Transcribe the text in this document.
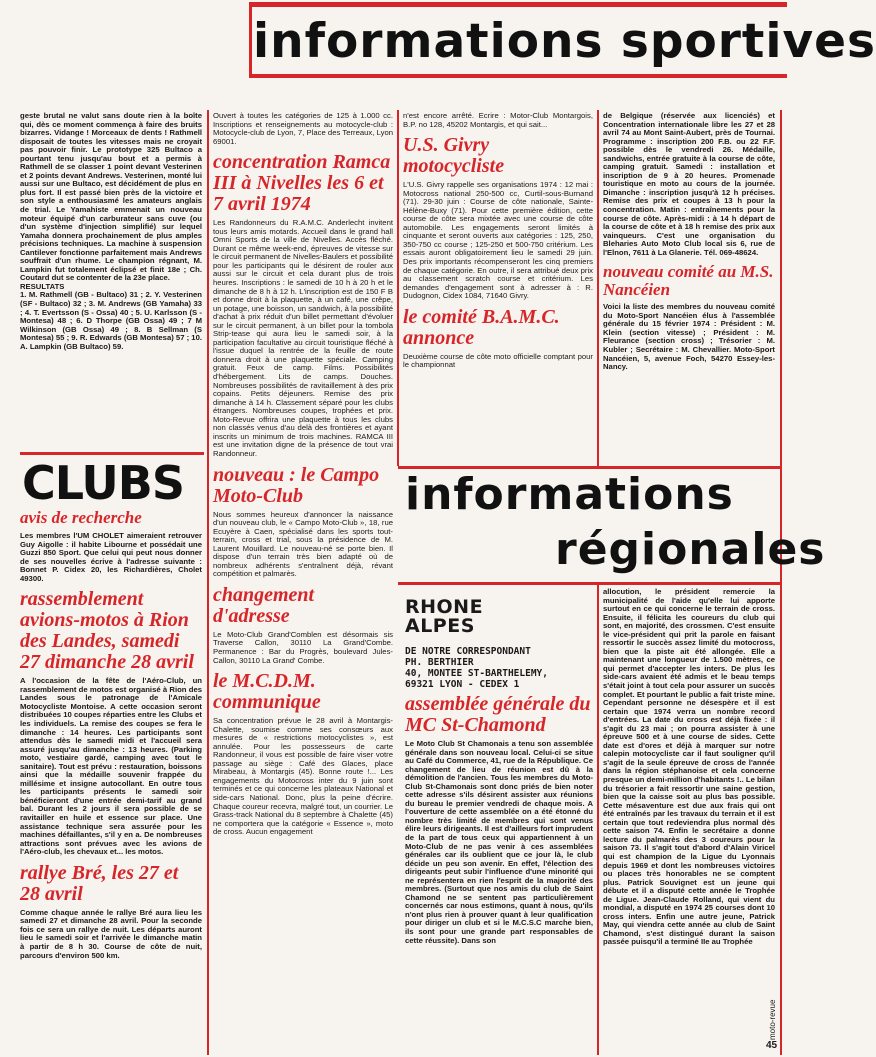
informations sportives

geste brutal ne valut sans doute rien à la boîte qui, dès ce moment commença à faire des bruits bizarres. Vidange ! Morceaux de dents ! Rathmell disposait de toutes les vitesses mais ne croyait pas pouvoir finir. Le prototype 325 Bultaco a pourtant tenu jusqu'au bout et a permis à Rathmell de se classer 1 point devant Vesterinen et 2 points devant Andrews. Vesterinen, monté lui aussi sur une Bultaco, est décidément de plus en plus fort. Il est passé bien près de la victoire et son style a enthousiasmé les amateurs anglais de trial. Le Yamahiste emmenait un nouveau moteur équipé d'un carburateur sans cuve (ou d'un système d'injection simplifié) sur lequel Yamaha donnera prochainement de plus amples précisions techniques. La machine à suspension Cantilever fonctionne parfaitement mais Andrews souffrait d'un rhume. Le champion régnant, M. Lampkin fut totalement éclipsé et finit 18e ; Ch. Coutard dut se contenter de la 23e place.

RESULTATS

1. M. Rathmell (GB - Bultaco) 31 ; 2. Y. Vesterinen (SF - Bultaco) 32 ; 3. M. Andrews (GB Yamaha) 33 ; 4. T. Evertsson (S - Ossa) 40 ; 5. U. Karlsson (S - Montesa) 48 ; 6. D Thorpe (GB Ossa) 49 ; 7 M Wilkinson (GB Ossa) 49 ; 8. B Sellman (S Montesa) 55 ; 9. R. Edwards (GB Montesa) 57 ; 10. A. Lampkin (GB Bultaco) 59.

CLUBS
avis de recherche

Les membres l'UM CHOLET aimeraient retrouver Guy Aigolle : il habite Libourne et possédait une Guzzi 850 Sport. Que celui qui peut nous donner de ses nouvelles écrive à l'adresse suivante : Bonnet P. Cidex 20, les Richardières, Cholet 49300.

rassemblement avions-motos à Rion des Landes, samedi 27 dimanche 28 avril

A l'occasion de la fête de l'Aéro-Club, un rassemblement de motos est organisé à Rion des Landes sous le patronage de l'Amicale Motocycliste Montoise. A cette occasion seront distribuées 10 coupes réparties entre les Clubs et les individuels. La remise des coupes se fera le dimanche : 14 heures. Les participants sont attendus dès le samedi midi et l'accueil sera assuré jusqu'au dimanche : 13 heures. (Parking moto, vestiaire gardé, camping avec tout le sanitaire). Tout est prévu : restauration, boissons ainsi que la médaille souvenir frappée du millésime et insigne autocollant. En outre tous les participants présents le samedi soir bénéficieront d'une entrée demi-tarif au grand bal. Durant les 2 jours il sera possible de se ravitailler en huile et essence sur place. Une assistance technique sera assurée pour les machines défaillantes, s'il y en a. De nombreuses attractions sont prévues avec les avions de l'Aéro-club, les chevaux et... les motos.

rallye Bré, les 27 et 28 avril

Comme chaque année le rallye Bré aura lieu les samedi 27 et dimanche 28 avril. Pour la seconde fois ce sera un rallye de nuit. Les départs auront lieu le samedi soir et l'arrivée le dimanche matin à partir de 8 h 30. Course de côte de nuit, parcours d'environ 500 km.

Ouvert à toutes les catégories de 125 à 1.000 cc. Inscriptions et renseignements au motocycle-club : Motocycle-club de Lyon, 7, Place des Terreaux, Lyon 69001.

concentration Ramca III à Nivelles les 6 et 7 avril 1974

Les Randonneurs du R.A.M.C. Anderlecht invitent tous leurs amis motards. Accueil dans le grand hall Omni Sports de la ville de Nivelles. Accès fléché. Durant ce même week-end, épreuves de vitesse sur le circuit permanent de Nivelles-Baulers et possibilité pour les participants qui le désirent de rouler aux aussi sur le circuit et cela durant plus de trois heures. Inscriptions : le samedi de 10 h à 20 h et le dimanche de 8 h à 12 h. L'inscription est de 150 F B et donne droit à la plaquette, à un café, une crêpe, un potage, une boisson, un sandwich, à la possibilité d'achat à prix réduit d'un billet permettant d'évoluer sur le circuit permanent, à un billet pour la tombola Strip-tease qui aura lieu le samedi soir, à la participation facultative au circuit touristique fléché à l'issue duquel la rentrée de la feuille de route donnera droit à une plaquette spéciale. Camping gratuit. Feux de camp. Films. Possibilités d'hébergement. Lits de camps. Douches. Nombreuses possibilités de ravitaillement à des prix copains. Petits déjeuners. Remise des prix dimanche à 14 h. Classement séparé pour les clubs étrangers. Nombreuses coupes, trophées et prix. Moto-Revue offrira une plaquette à tous les clubs non classés venus d'au delà des frontières et ayant inscrits un minimum de trois machines. RAMCA III est une invitation digne de la présence de tout vrai Randonneur.

nouveau : le Campo Moto-Club

Nous sommes heureux d'annoncer la naissance d'un nouveau club, le « Campo Moto-Club », 18, rue Ecuyère à Caen, spécialisé dans les sports tout-terrain, cross et trial, sous la présidence de M. Laurent Mouillard. Le nouveau-né se porte bien. Il dispose d'un terrain très bien adapté où de nombreux adhérents s'entraînent déjà, révant compétition et palmarès.

changement d'adresse

Le Moto-Club Grand'Comblen est désormais sis Traverse Callon, 30110 La Grand'Combe. Permanence : Bar du Progrès, boulevard Jules-Callon, 30110 La Grand' Combe.

le M.C.D.M. communique

Sa concentration prévue le 28 avril à Montargis-Chalette, soumise comme ses consœurs aux mesures de « restrictions motocyclistes », est annulée. Pour les possesseurs de carte Randonneur, il vous est possible de faire viser votre passage au siège : Café des Glaces, place Mirabeau, à Montargis (45). Bonne route !... Les engagements du Motocross inter du 9 juin sont terminés et ce qui concerne les plateaux National et side-cars National. Donc, plus la peine d'écrire. Chaque coureur recevra, malgré tout, un courrier. Le Grass-track National du 8 septembre à Chalette (45) ne comportera que la catégorie « Essence », moto de cross. Aucun engagement

n'est encore arrêté. Ecrire : Motor-Club Montargois, B.P. no 128, 45202 Montargis, et qui sait...

U.S. Givry motocycliste

L'U.S. Givry rappelle ses organisations 1974 : 12 mai : Motocross national 250-500 cc, Curtil-sous-Burnand (71). 29-30 juin : Course de côte nationale, Sainte-Hélène-Buxy (71). Pour cette première édition, cette course de côte sera mixtée avec une course de côte automobile. Les engagements seront limités à cinquante et seront ouverts aux catégories : 125, 250, 350-750 cc course ; 125-250 et 500-750 critérium. Les essais auront obligatoirement lieu le samedi 29 juin. Des prix importants récompenseront les cinq premiers de chaque catégorie. En outre, il sera attribué deux prix au classement scratch course et critérium. Les demandes d'engagement sont à adresser à : R. Dudognon, Cidex 1084, 71640 Givry.

le comité B.A.M.C. annonce

Deuxième course de côte moto officielle comptant pour le championnat

de Belgique (réservée aux licenciés) et Concentration internationale libre les 27 et 28 avril 74 au Mont Saint-Aubert, près de Tournai. Programme : inscription 200 F.B. ou 22 F.F. possible dès le vendredi 26. Médaille, sandwichs, entrée gratuite à la course de côte, camping gratuit. Samedi : installation et inscription de 9 à 20 heures. Promenade touristique en moto au cours de la journée. Dimanche : inscription jusqu'à 12 h précises. Remise des prix et coupes à 13 h pour la concentration. Matin : entraînements pour la course de côte. Après-midi : à 14 h départ de la course de côte et à 18 h remise des prix aux vainqueurs. C'est une organisation du Bleharies Auto Moto Club local sis 6, rue de l'Elnon, 7611 à La Glanerie. Tél. 069-48624.

nouveau comité au M.S. Nancéien

Voici la liste des membres du nouveau comité du Moto-Sport Nancéien élus à l'assemblée générale du 15 février 1974 : Président : M. Klein (section vitesse) ; Président : M. Fleurance (section cross) ; Trésorier : M. Kubler ; Secrétaire : M. Chevallier. Moto-Sport Nancéien, 5, avenue Foch, 54270 Essey-les-Nancy.

informations
régionales
RHONE
ALPES
DE NOTRE CORRESPONDANT
PH. BERTHIER
40, MONTEE ST-BARTHELEMY,
69321 LYON - CEDEX 1
assemblée générale du MC St-Chamond

Le Moto Club St Chamonais a tenu son assemblée générale dans son nouveau local. Celui-ci se situe au Café du Commerce, 41, rue de la République. Ce changement de lieu de réunion est dû à la démolition de l'ancien. Tous les membres du Moto-Club St-Chamonais sont donc priés de bien noter cette adresse s'ils désirent assister aux réunions du bureau le premier vendredi de chaque mois. A l'ouverture de cette assemblée on a été étonné du nombre très limité de membres qui sont venus élire leurs dirigeants. Il est d'ailleurs fort imprudent de la part de tous ceux qui appartiennent à un Moto-Club de ne pas venir à ces assemblées générales car ils oublient que ce jour là, le club décide un peu son avenir. En effet, l'élection des dirigeants peut subir l'influence d'une minorité qui ne représentera en rien l'esprit de la majorité des membres. (Surtout que nos amis du club de Saint Chamond ne se sentent pas particulièrement concernés car nous estimons, quant à nous, qu'ils n'ont plus rien à prouver quant à leur qualification pour diriger un club et si le M.C.S.C marche bien, ils sont pour une grande part responsables de cette réussite). Dans son

allocution, le président remercie la municipalité de l'aide qu'elle lui apporte surtout en ce qui concerne le terrain de cross. Ensuite, il félicita les coureurs du club qui sont, en majorité, des crossmen. C'est ensuite le vice-président qui prit la parole en faisant ressortir le succès assez limité du motocross, bien que la piste ait été allongée. Elle a maintenant une longueur de 1.500 mètres, ce qui permet d'accepter les inters. De plus les side-cars avaient été admis et le beau temps s'était joint à tout cela pour assurer un succès complet. Et pourtant le public a fait triste mine. Cependant personne ne désespère et il est certain que 1974 verra un nombre record d'entrées. La date du cross est déjà fixée : il s'agit du 23 mai ; on pourra assister à une épreuve 500 et à une course de sides. Cette date est d'ores et déjà à marquer sur notre calepin motocycliste car il faut souligner qu'il s'agit de la seule épreuve de cross de l'année dans la région stéphanoise et cela concerne presque un demi-million d'habitants !.. Le bilan du trésorier a fait ressortir une saine gestion, bien que la caisse soit au plus bas possible. Cette mésaventure est due aux frais qui ont été entraînés par les travaux du terrain et il est certain que tout redeviendra plus normal dès cette saison 74. Enfin le secrétaire a donne lecture du palmarès des 3 coureurs pour la saison 73. Il s'agit tout d'abord d'Alain Viricel qui est champion de la Ligue du Lyonnais depuis 1969 et dont les nombreuses victoires ou places très honorables ne se comptent plus. Patrick Souvignet est un jeune qui débute et il a disputé cette année le Trophée de Ligue. Jean-Claude Rolland, qui vient du mondial, a disputé en 1974 25 courses dont 10 cross inters. Enfin une autre jeune, Patrick May, qui viendra cette année au club de Saint Chamond, s'est distingué durant la saison passée puisqu'il a terminé IIe au Trophée

moto-revue
45
